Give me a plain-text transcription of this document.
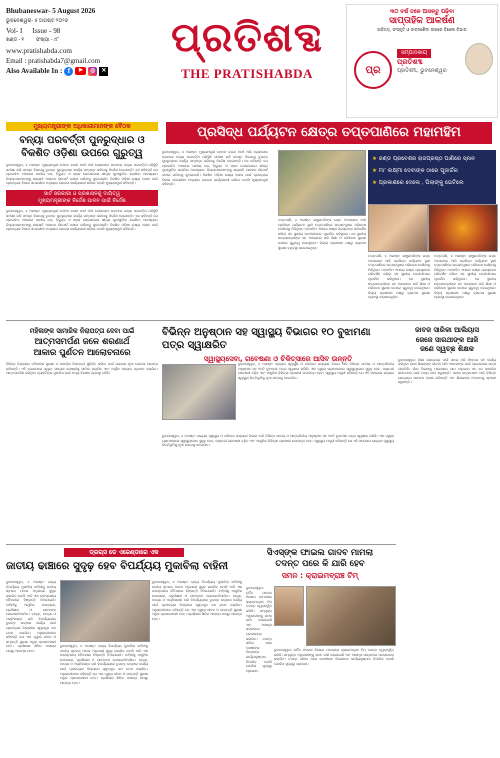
Bhubaneswar- 5 August 2026
ଭୁବନେଶ୍ୱର- ୫ ଅଗଷ୍ଟ ୨୦୨୬
Vol- I Issue - 98
ଖଣ୍ଡ - ୧ ସଂଖ୍ୟା - ୯୮
www.pratishabda.com
Email : pratishabda7@gmail.com
Also Available In : f	▶	◎ ✕
ପ୍ରତିଶବ୍ଦ
THE PRATISHABDA
୩୦ ବର୍ଷ ତଳେ ଆସନ୍ତୁ ପଢିବା
ସାପ୍ତାହିକ ଆକର୍ଷଣ
ସାହିତ୍ୟ, ସଂସ୍କୃତି ଓ ଜୀବନଶୈଳୀ ଉପରେ ବିଶେଷ ବିଭାଗ
ପ୍ର
ସମ୍ପାଦକୀୟ
ପ୍ରତିଶବ୍ଦ
ପ୍ରତିଶବ୍ଦ, ଭୁବନେଶ୍ୱର
ମୁଖ୍ୟମନ୍ତ୍ରୀଙ୍କ ଅଧିକାରୀମାନଙ୍କ ବୈଠକ
ବନ୍ୟା ପରବର୍ତ୍ତୀ ପୁନରୁଦ୍ଧାର ଓ
ବିକଶିତ ଓଡ଼ିଶା ଉପରେ ଗୁରୁତ୍ୱ
ଭୁବନେଶ୍ୱର, ୪ ଅଗଷ୍ଟ: ମୁଖ୍ୟମନ୍ତ୍ରୀ ମୋହନ ଚରଣ ମାଝୀ ଆଜି ଲୋକସେବା ଭବନରେ ବନ୍ୟା ପରବର୍ତ୍ତୀ ପରିସ୍ଥିତି ସମୀକ୍ଷା କରି ସମସ୍ତ ବିଭାଗକୁ ତୁରନ୍ତ ପୁନରୁଦ୍ଧାର କାର୍ଯ୍ୟ ସମ୍ପନ୍ନ କରିବାକୁ ନିର୍ଦ୍ଦେଶ ଦେଇଛନ୍ତି। ସେ କହିଛନ୍ତି ଯେ ପ୍ରଭାବିତ ଅଞ୍ଚଳରେ ପାନୀୟ ଜଳ, ବିଦ୍ୟୁତ ଓ ସଡ଼କ ଯୋଗାଯୋଗ ଶୀଘ୍ର ପୁନଃସ୍ଥାପିତ କରାଯିବା ଆବଶ୍ୟକ। ଜିଲ୍ଲାପାଳମାନଙ୍କୁ କ୍ଷୟକ୍ଷତି ଆକଳନ ରିପୋର୍ଟ ଦାଖଲ କରିବାକୁ କୁହାଯାଇଛି। ବିକଶିତ ଓଡ଼ିଶା ଲକ୍ଷ୍ୟ ହାସଲ ପାଇଁ ପ୍ରତ୍ୟେକ ବିଭାଗ ସମୟସୀମା ମଧ୍ୟରେ ଯୋଜନା କାର୍ଯ୍ୟକାରୀ କରିବେ ବୋଲି ମୁଖ୍ୟମନ୍ତ୍ରୀ କହିଛନ୍ତି।
ସାର୍ଟ ସରକାରୀ ଓ ପ୍ରଶାସନକୁ ଦାୟିତ୍ୱ
ମୁଖ୍ୟମନ୍ତ୍ରୀଙ୍କ ନିର୍ଦ୍ଦେଶ ପାଳନ ପାଇଁ ନିର୍ଦ୍ଦେଶ
ଭୁବନେଶ୍ୱର, ୪ ଅଗଷ୍ଟ: ମୁଖ୍ୟମନ୍ତ୍ରୀ ମୋହନ ଚରଣ ମାଝୀ ଆଜି ଲୋକସେବା ଭବନରେ ବନ୍ୟା ପରବର୍ତ୍ତୀ ପରିସ୍ଥିତି ସମୀକ୍ଷା କରି ସମସ୍ତ ବିଭାଗକୁ ତୁରନ୍ତ ପୁନରୁଦ୍ଧାର କାର୍ଯ୍ୟ ସମ୍ପନ୍ନ କରିବାକୁ ନିର୍ଦ୍ଦେଶ ଦେଇଛନ୍ତି। ସେ କହିଛନ୍ତି ଯେ ପ୍ରଭାବିତ ଅଞ୍ଚଳରେ ପାନୀୟ ଜଳ, ବିଦ୍ୟୁତ ଓ ସଡ଼କ ଯୋଗାଯୋଗ ଶୀଘ୍ର ପୁନଃସ୍ଥାପିତ କରାଯିବା ଆବଶ୍ୟକ। ଜିଲ୍ଲାପାଳମାନଙ୍କୁ କ୍ଷୟକ୍ଷତି ଆକଳନ ରିପୋର୍ଟ ଦାଖଲ କରିବାକୁ କୁହାଯାଇଛି। ବିକଶିତ ଓଡ଼ିଶା ଲକ୍ଷ୍ୟ ହାସଲ ପାଇଁ ପ୍ରତ୍ୟେକ ବିଭାଗ ସମୟସୀମା ମଧ୍ୟରେ ଯୋଜନା କାର୍ଯ୍ୟକାରୀ କରିବେ ବୋଲି ମୁଖ୍ୟମନ୍ତ୍ରୀ କହିଛନ୍ତି।
ଭୁବନେଶ୍ୱର, ୪ ଅଗଷ୍ଟ: ମୁଖ୍ୟମନ୍ତ୍ରୀ ମୋହନ ଚରଣ ମାଝୀ ଆଜି ଲୋକସେବା ଭବନରେ ବନ୍ୟା ପରବର୍ତ୍ତୀ ପରିସ୍ଥିତି ସମୀକ୍ଷା କରି ସମସ୍ତ ବିଭାଗକୁ ତୁରନ୍ତ ପୁନରୁଦ୍ଧାର କାର୍ଯ୍ୟ ସମ୍ପନ୍ନ କରିବାକୁ ନିର୍ଦ୍ଦେଶ ଦେଇଛନ୍ତି। ସେ କହିଛନ୍ତି ଯେ ପ୍ରଭାବିତ ଅଞ୍ଚଳରେ ପାନୀୟ ଜଳ, ବିଦ୍ୟୁତ ଓ ସଡ଼କ ଯୋଗାଯୋଗ ଶୀଘ୍ର ପୁନଃସ୍ଥାପିତ କରାଯିବା ଆବଶ୍ୟକ। ଜିଲ୍ଲାପାଳମାନଙ୍କୁ କ୍ଷୟକ୍ଷତି ଆକଳନ ରିପୋର୍ଟ ଦାଖଲ କରିବାକୁ କୁହାଯାଇଛି। ବିକଶିତ ଓଡ଼ିଶା ଲକ୍ଷ୍ୟ ହାସଲ ପାଇଁ ପ୍ରତ୍ୟେକ ବିଭାଗ ସମୟସୀମା ମଧ୍ୟରେ ଯୋଜନା କାର୍ଯ୍ୟକାରୀ କରିବେ ବୋଲି ମୁଖ୍ୟମନ୍ତ୍ରୀ କହିଛନ୍ତି।
ପ୍ରସିଦ୍ଧ ପର୍ଯ୍ୟଟନ କ୍ଷେତ୍ର ତପ୍ତପାଣିରେ ମହାମହିମ
★ ଜଣ୍ଡ ପ୍ରବେଶର ରାଜପ୍ରଷ୍ଠ ପାଣିରେ ସ୍ନାନ
★ ମା' ଲକ୍ଷ୍ମୀ ଦେବୀଙ୍କ ଠାରେ ପୂଜାର୍ଚ୍ଚନା
★ ପ୍ରକାଶରେ ଦେଲେ , ପିଲାଙ୍କୁ ଭେଟିଲେ
ତପ୍ତପାଣି, ୪ ଅଗଷ୍ଟ: ରାଷ୍ଟ୍ରପତିଙ୍କ ଗସ୍ତ ଅବସରରେ ଆଜି ପ୍ରସିଦ୍ଧ ପର୍ଯ୍ୟଟନ ସ୍ଥଳୀ ତପ୍ତପାଣିରେ ଉତ୍ସବମୁଖର ପରିବେଶ ଦେଖିବାକୁ ମିଳିଥିଲା। ମହାମହିମ ଏଠାରେ ଉଷ୍ଣ ପ୍ରସ୍ରବଣ ପରିଦର୍ଶନ କରିବା ସହ ସ୍ଥାନୀୟ ଦେବୀପୀଠରେ ପୂଜାର୍ଚ୍ଚନା କରିଥିଲେ। ସେ ସ୍ଥାନୀୟ ଛାତ୍ରଛାତ୍ରୀଙ୍କ ସହ ଆଲୋଚନା କରି ଶିକ୍ଷା ଓ ପରିବେଶ ସୁରକ୍ଷା ଉପରେ ଗୁରୁତ୍ୱ ଦେଇଥିଲେ। ଜିଲ୍ଲା ପ୍ରଶାସନ ପକ୍ଷରୁ ବ୍ୟାପକ ସୁରକ୍ଷା ବ୍ୟବସ୍ଥା କରାଯାଇଥିଲା।
ତପ୍ତପାଣି, ୪ ଅଗଷ୍ଟ: ରାଷ୍ଟ୍ରପତିଙ୍କ ଗସ୍ତ ଅବସରରେ ଆଜି ପ୍ରସିଦ୍ଧ ପର୍ଯ୍ୟଟନ ସ୍ଥଳୀ ତପ୍ତପାଣିରେ ଉତ୍ସବମୁଖର ପରିବେଶ ଦେଖିବାକୁ ମିଳିଥିଲା। ମହାମହିମ ଏଠାରେ ଉଷ୍ଣ ପ୍ରସ୍ରବଣ ପରିଦର୍ଶନ କରିବା ସହ ସ୍ଥାନୀୟ ଦେବୀପୀଠରେ ପୂଜାର୍ଚ୍ଚନା କରିଥିଲେ। ସେ ସ୍ଥାନୀୟ ଛାତ୍ରଛାତ୍ରୀଙ୍କ ସହ ଆଲୋଚନା କରି ଶିକ୍ଷା ଓ ପରିବେଶ ସୁରକ୍ଷା ଉପରେ ଗୁରୁତ୍ୱ ଦେଇଥିଲେ। ଜିଲ୍ଲା ପ୍ରଶାସନ ପକ୍ଷରୁ ବ୍ୟାପକ ସୁରକ୍ଷା ବ୍ୟବସ୍ଥା କରାଯାଇଥିଲା।
ତପ୍ତପାଣି, ୪ ଅଗଷ୍ଟ: ରାଷ୍ଟ୍ରପତିଙ୍କ ଗସ୍ତ ଅବସରରେ ଆଜି ପ୍ରସିଦ୍ଧ ପର୍ଯ୍ୟଟନ ସ୍ଥଳୀ ତପ୍ତପାଣିରେ ଉତ୍ସବମୁଖର ପରିବେଶ ଦେଖିବାକୁ ମିଳିଥିଲା। ମହାମହିମ ଏଠାରେ ଉଷ୍ଣ ପ୍ରସ୍ରବଣ ପରିଦର୍ଶନ କରିବା ସହ ସ୍ଥାନୀୟ ଦେବୀପୀଠରେ ପୂଜାର୍ଚ୍ଚନା କରିଥିଲେ। ସେ ସ୍ଥାନୀୟ ଛାତ୍ରଛାତ୍ରୀଙ୍କ ସହ ଆଲୋଚନା କରି ଶିକ୍ଷା ଓ ପରିବେଶ ସୁରକ୍ଷା ଉପରେ ଗୁରୁତ୍ୱ ଦେଇଥିଲେ। ଜିଲ୍ଲା ପ୍ରଶାସନ ପକ୍ଷରୁ ବ୍ୟାପକ ସୁରକ୍ଷା ବ୍ୟବସ୍ଥା କରାଯାଇଥିଲା।
ମହିଳାଙ୍କ ସାମାଜିକ ନିରାପତ୍ତା ଦେବା ପାଇଁ
ଆତ୍ମସମର୍ପଣ ଜଳେ ଶରଣାର୍ଥ
ଆକାର ପୁର୍ଣତନ ଆଲୋଚନାରେ
ବିଭିନ୍ନ ଜିଲ୍ଲାରେ ମହିଳାଙ୍କ ସୁରକ୍ଷା ଓ ସାମାଜିକ ନିରାପତ୍ତା ସୁନିଶ୍ଚିତ କରିବା ପାଇଁ ସରକାର ନୂଆ ଯୋଜନା ଆରମ୍ଭ କରିଛନ୍ତି। ଏହି ଯୋଜନାରେ ସ୍ୱୟଂ ସହାୟକ ଗୋଷ୍ଠୀକୁ ସାମିଲ କରାଯିବ ଏବଂ ଆର୍ଥିକ ସହାୟତା ପ୍ରଦାନ କରାଯିବ। ଆତ୍ମସମର୍ପଣ କରିଥିବା ବ୍ୟକ୍ତିଙ୍କ ପୁନର୍ବାସ ପାଇଁ ମଧ୍ୟ ବିଶେଷ ବ୍ୟବସ୍ଥା ରହିଛି।
ବିଭିନ୍ନ ଅନୁଷ୍ଠାନ ସହ ସ୍ୱାସ୍ଥ୍ୟ ବିଭାଗର ୧୦ ବୁଝାମଣା ପତ୍ର ସ୍ୱାକ୍ଷରିତ
ସ୍ୱାସ୍ଥ୍ୟସେବା, ଗବେଷଣା ଓ ଚିକିତ୍ସାରେ ଆସିବ ଉନ୍ନତି
ଭୁବନେଶ୍ୱର, ୪ ଅଗଷ୍ଟ: ରାଜ୍ୟର ସ୍ୱାସ୍ଥ୍ୟ ଓ ପରିବାର କଲ୍ୟାଣ ବିଭାଗ ଆଜି ବିଭିନ୍ନ ଜାତୀୟ ଓ ଆନ୍ତର୍ଜାତୀୟ ଅନୁଷ୍ଠାନ ସହ ୧୦ଟି ବୁଝାମଣା ପତ୍ର ସ୍ୱାକ୍ଷର କରିଛି। ଏହା ଦ୍ୱାରା ଗ୍ରାମାଞ୍ଚଳରେ ସ୍ୱାସ୍ଥ୍ୟସେବା ସୁଦୃଢ଼ ହେବ, ଡାକ୍ତରୀ ଗବେଷଣା ବଢ଼ିବ ଏବଂ ଆଧୁନିକ ଚିକିତ୍ସା ପ୍ରଣାଳୀ ଉପଲବ୍ଧ ହେବ। ସ୍ୱାସ୍ଥ୍ୟ ମନ୍ତ୍ରୀ କହିଛନ୍ତି ଯେ ଏହି ସହଯୋଗ ରାଜ୍ୟର ସ୍ୱାସ୍ଥ୍ୟ ଭିତ୍ତିଭୂମିକୁ ନୂଆ ଉଚ୍ଚତାକୁ ନେଇଯିବ।
ଜାବଜ ସାରିକା ଆଲିୟାସ
ଜେଜେ ସାରଥୀଙ୍କ ଆଜି
ଜଣେ ସ୍ୱଚ୍ଛ ଶିକ୍ଷକ
ଭୁବନେଶ୍ୱର: ଶିକ୍ଷା କ୍ଷେତ୍ରରେ ଦୀର୍ଘ ସମୟ ଧରି ନିଷ୍ଠାର ସହ କାର୍ଯ୍ୟ କରିଥିବା ଜଣେ ଶିକ୍ଷକଙ୍କ ଜୀବନୀ ଆଜି ଅନେକଙ୍କ ପାଇଁ ପ୍ରେରଣାର ଉତ୍ସ ପାଲଟିଛି। ଗାଁର ପିଲାଙ୍କୁ ମାଗଣାରେ ପାଠ ପଢ଼ାଇବା ସହ ସେ ସାମାଜିକ ସଚେତନତା ପାଇଁ ମଧ୍ୟ କାମ କରୁଛନ୍ତି। ତାଙ୍କ ଛାତ୍ରମାନେ ଆଜି ବିଭିନ୍ନ କ୍ଷେତ୍ରରେ ସଫଳତା ହାସଲ କରିଛନ୍ତି ଏବଂ ଶିକ୍ଷକଙ୍କ ଅବଦାନକୁ ସ୍ମରଣ କରୁଛନ୍ତି।
ଡ୍ରଗ୍ସ ଡେ ଏଜେଣ୍ଡାରେ ଏକ
ଜାତୀୟ ଢାଞ୍ଚାରେ ସୁଦୃଢ଼ ହେବ ବିପର୍ଯ୍ୟୟ ମୁକାବିଲା ବାହିନୀ
ଭୁବନେଶ୍ୱର, ୪ ଅଗଷ୍ଟ: ରାଜ୍ୟ ବିପର୍ଯ୍ୟୟ ମୁକାବିଲା ବାହିନୀକୁ ଜାତୀୟ ସ୍ତରର ମାନକ ଅନୁଯାୟୀ ସୁଦୃଢ଼ କରାଯିବ ବୋଲି ଆଜି ଏକ ଉଚ୍ଚସ୍ତରୀୟ ବୈଠକରେ ନିଷ୍ପତ୍ତି ନିଆଯାଇଛି। ବାହିନୀକୁ ଆଧୁନିକ ଉପକରଣ, ପ୍ରଶିକ୍ଷଣ ଓ ଯାନବାହନ ଯୋଗାଇଦିଆଯିବ। ବନ୍ୟା, ବାତ୍ୟା ଓ ଅଗ୍ନିକାଣ୍ଡ ଭଳି ବିପର୍ଯ୍ୟୟରେ ତୁରନ୍ତ ଉଦ୍ଧାର କାର୍ଯ୍ୟ ପାଇଁ ପ୍ରତ୍ୟେକ ଜିଲ୍ଲାରେ ସ୍ୱତନ୍ତ୍ର ଦଳ ଗଠନ କରାଯିବ। ଅଧିକାରୀମାନେ କହିଛନ୍ତି ଯେ ଏହା ଦ୍ୱାରା ଜୀବନ ଓ ସମ୍ପତ୍ତି ସୁରକ୍ଷା ଅଧିକ ପ୍ରଭାବଶାଳୀ ହେବ। ପ୍ରଶିକ୍ଷଣ ଶିବିର ଆସନ୍ତା ମାସରୁ ଆରମ୍ଭ ହେବ।
ଭୁବନେଶ୍ୱର, ୪ ଅଗଷ୍ଟ: ରାଜ୍ୟ ବିପର୍ଯ୍ୟୟ ମୁକାବିଲା ବାହିନୀକୁ ଜାତୀୟ ସ୍ତରର ମାନକ ଅନୁଯାୟୀ ସୁଦୃଢ଼ କରାଯିବ ବୋଲି ଆଜି ଏକ ଉଚ୍ଚସ୍ତରୀୟ ବୈଠକରେ ନିଷ୍ପତ୍ତି ନିଆଯାଇଛି। ବାହିନୀକୁ ଆଧୁନିକ ଉପକରଣ, ପ୍ରଶିକ୍ଷଣ ଓ ଯାନବାହନ ଯୋଗାଇଦିଆଯିବ। ବନ୍ୟା, ବାତ୍ୟା ଓ ଅଗ୍ନିକାଣ୍ଡ ଭଳି ବିପର୍ଯ୍ୟୟରେ ତୁରନ୍ତ ଉଦ୍ଧାର କାର୍ଯ୍ୟ ପାଇଁ ପ୍ରତ୍ୟେକ ଜିଲ୍ଲାରେ ସ୍ୱତନ୍ତ୍ର ଦଳ ଗଠନ କରାଯିବ। ଅଧିକାରୀମାନେ କହିଛନ୍ତି ଯେ ଏହା ଦ୍ୱାରା ଜୀବନ ଓ ସମ୍ପତ୍ତି ସୁରକ୍ଷା ଅଧିକ ପ୍ରଭାବଶାଳୀ ହେବ। ପ୍ରଶିକ୍ଷଣ ଶିବିର ଆସନ୍ତା ମାସରୁ ଆରମ୍ଭ ହେବ।
ଭୁବନେଶ୍ୱର, ୪ ଅଗଷ୍ଟ: ରାଜ୍ୟ ବିପର୍ଯ୍ୟୟ ମୁକାବିଲା ବାହିନୀକୁ ଜାତୀୟ ସ୍ତରର ମାନକ ଅନୁଯାୟୀ ସୁଦୃଢ଼ କରାଯିବ ବୋଲି ଆଜି ଏକ ଉଚ୍ଚସ୍ତରୀୟ ବୈଠକରେ ନିଷ୍ପତ୍ତି ନିଆଯାଇଛି। ବାହିନୀକୁ ଆଧୁନିକ ଉପକରଣ, ପ୍ରଶିକ୍ଷଣ ଓ ଯାନବାହନ ଯୋଗାଇଦିଆଯିବ। ବନ୍ୟା, ବାତ୍ୟା ଓ ଅଗ୍ନିକାଣ୍ଡ ଭଳି ବିପର୍ଯ୍ୟୟରେ ତୁରନ୍ତ ଉଦ୍ଧାର କାର୍ଯ୍ୟ ପାଇଁ ପ୍ରତ୍ୟେକ ଜିଲ୍ଲାରେ ସ୍ୱତନ୍ତ୍ର ଦଳ ଗଠନ କରାଯିବ। ଅଧିକାରୀମାନେ କହିଛନ୍ତି ଯେ ଏହା ଦ୍ୱାରା ଜୀବନ ଓ ସମ୍ପତ୍ତି ସୁରକ୍ଷା ଅଧିକ ପ୍ରଭାବଶାଳୀ ହେବ। ପ୍ରଶିକ୍ଷଣ ଶିବିର ଆସନ୍ତା ମାସରୁ ଆରମ୍ଭ ହେବ।
ଭୁବନେଶ୍ୱର, ୪ ଅଗଷ୍ଟ: ରାଜ୍ୟର ସ୍ୱାସ୍ଥ୍ୟ ଓ ପରିବାର କଲ୍ୟାଣ ବିଭାଗ ଆଜି ବିଭିନ୍ନ ଜାତୀୟ ଓ ଆନ୍ତର୍ଜାତୀୟ ଅନୁଷ୍ଠାନ ସହ ୧୦ଟି ବୁଝାମଣା ପତ୍ର ସ୍ୱାକ୍ଷର କରିଛି। ଏହା ଦ୍ୱାରା ଗ୍ରାମାଞ୍ଚଳରେ ସ୍ୱାସ୍ଥ୍ୟସେବା ସୁଦୃଢ଼ ହେବ, ଡାକ୍ତରୀ ଗବେଷଣା ବଢ଼ିବ ଏବଂ ଆଧୁନିକ ଚିକିତ୍ସା ପ୍ରଣାଳୀ ଉପଲବ୍ଧ ହେବ। ସ୍ୱାସ୍ଥ୍ୟ ମନ୍ତ୍ରୀ କହିଛନ୍ତି ଯେ ଏହି ସହଯୋଗ ରାଜ୍ୟର ସ୍ୱାସ୍ଥ୍ୟ ଭିତ୍ତିଭୂମିକୁ ନୂଆ ଉଚ୍ଚତାକୁ ନେଇଯିବ।
ସିଏସ୍‌ଙ୍କ ଫାଇଲ ଗାଦବ ମାମଲା
ତଦନ୍ତ ପରେ କି ଯାରି ହେବ
ସମନ : କ୍ରାଇମବ୍ରାଞ୍ଚ ଟିମ୍
ଭୁବନେଶ୍ୱର: ଚର୍ଚ୍ଚିତ ଫାଇଲ ନିଖୋଜ ମାମଲାରେ କ୍ରାଇମବ୍ରାଞ୍ଚ ଟିମ୍ ତଦନ୍ତ ତ୍ୱରାନ୍ୱିତ କରିଛି। ସମ୍ପୃକ୍ତ ଅଧିକାରୀଙ୍କୁ ସମନ ଜାରି କରାଯାଇଛି ଏବଂ ଆସନ୍ତା ସପ୍ତାହରେ ପଚରାଉଚରା କରାଯିବ। ତଦନ୍ତ ସରିବା ପରେ ଦୋଷୀଙ୍କ ବିରୋଧରେ କାର୍ଯ୍ୟାନୁଷ୍ଠାନ ନିଆଯିବ ବୋଲି ପୋଲିସ ସୂତ୍ରରୁ ପ୍ରକାଶ।
ଭୁବନେଶ୍ୱର: ଚର୍ଚ୍ଚିତ ଫାଇଲ ନିଖୋଜ ମାମଲାରେ କ୍ରାଇମବ୍ରାଞ୍ଚ ଟିମ୍ ତଦନ୍ତ ତ୍ୱରାନ୍ୱିତ କରିଛି। ସମ୍ପୃକ୍ତ ଅଧିକାରୀଙ୍କୁ ସମନ ଜାରି କରାଯାଇଛି ଏବଂ ଆସନ୍ତା ସପ୍ତାହରେ ପଚରାଉଚରା କରାଯିବ। ତଦନ୍ତ ସରିବା ପରେ ଦୋଷୀଙ୍କ ବିରୋଧରେ କାର୍ଯ୍ୟାନୁଷ୍ଠାନ ନିଆଯିବ ବୋଲି ପୋଲିସ ସୂତ୍ରରୁ ପ୍ରକାଶ।
